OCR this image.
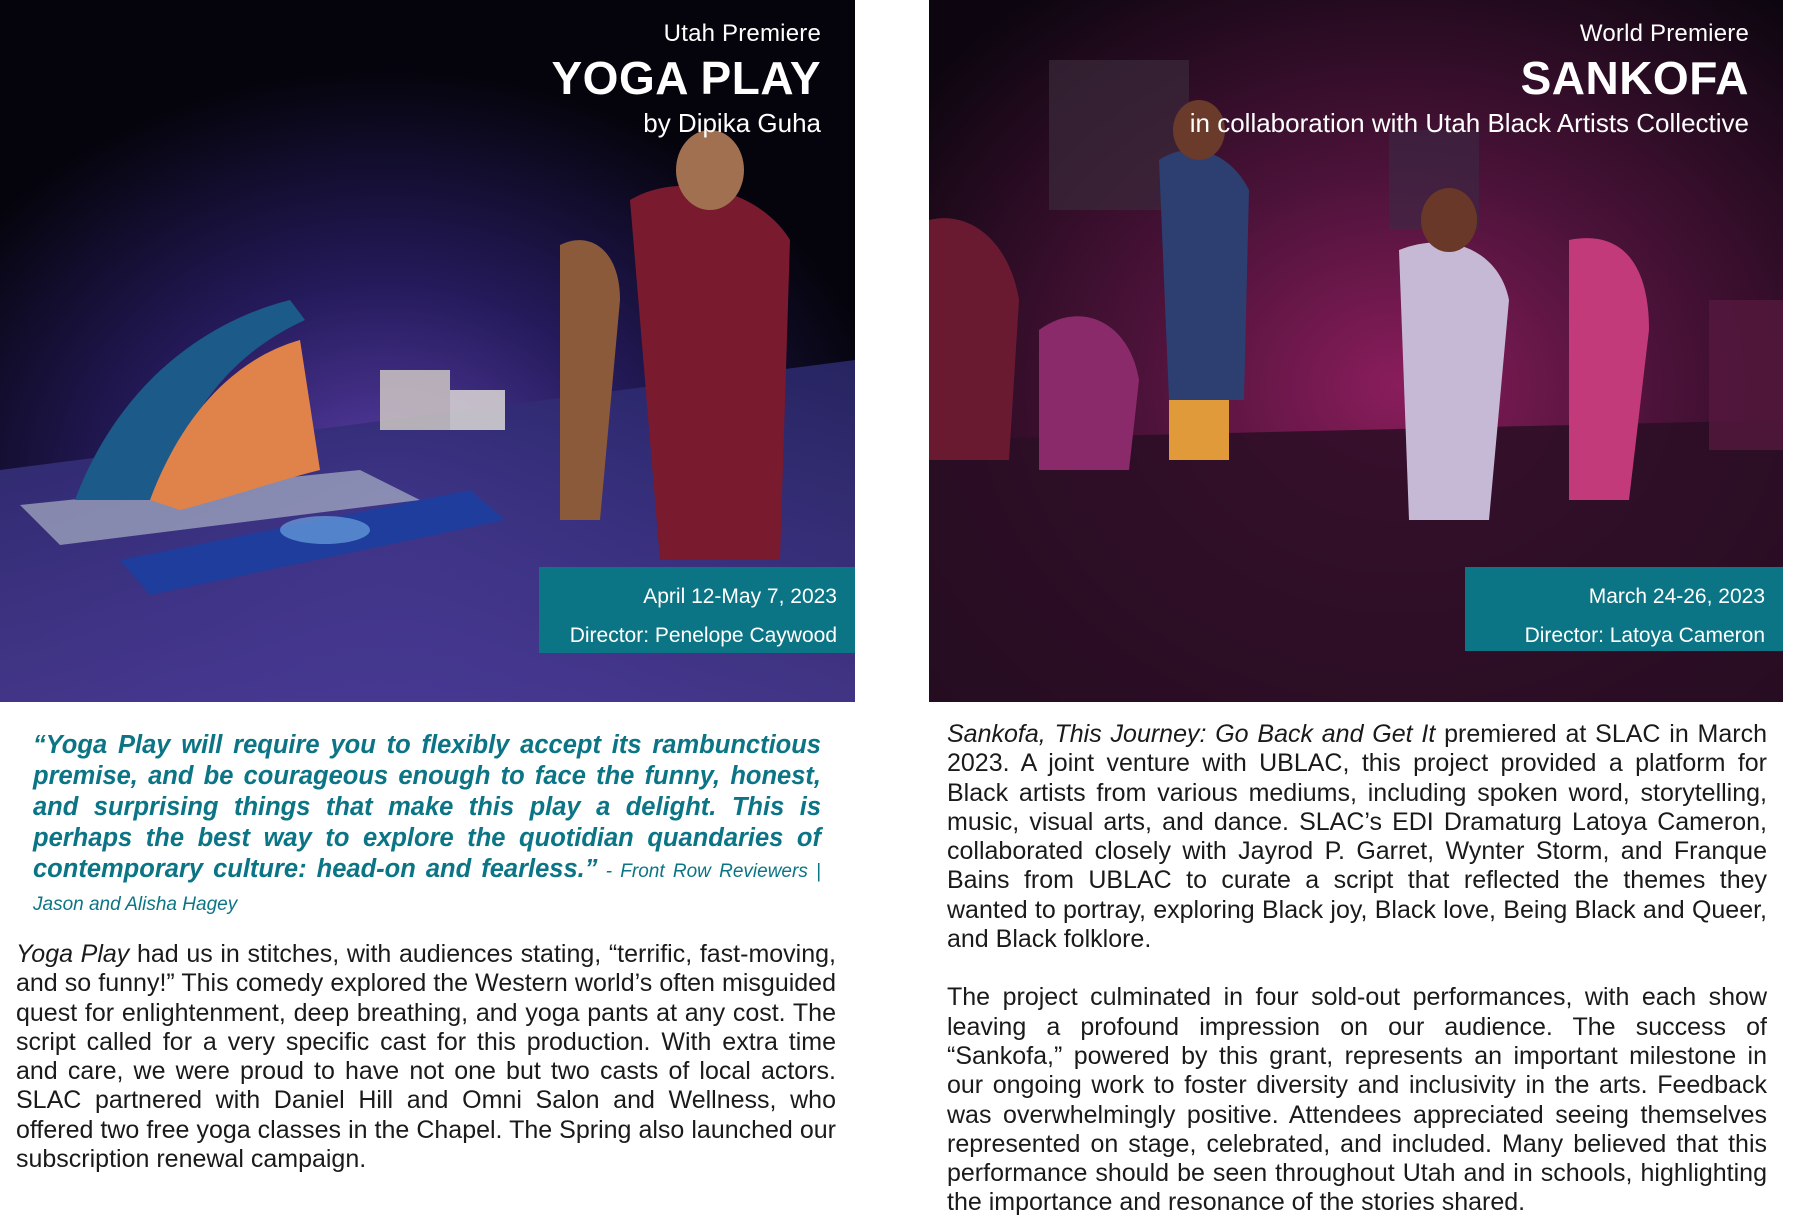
Utah Premiere
YOGA PLAY
by Dipika Guha
April 12-May 7, 2023
Director: Penelope Caywood
World Premiere
SANKOFA
in collaboration with Utah Black Artists Collective
March 24-26, 2023
Director: Latoya Cameron
“Yoga Play will require you to flexibly accept its rambunctious premise, and be courageous enough to face the funny, honest, and surprising things that make this play a delight. This is perhaps the best way to explore the quotidian quandaries of contemporary culture: head-on and fearless.” - Front Row Reviewers | Jason and Alisha Hagey
Yoga Play had us in stitches, with audiences stating, “terrific, fast-moving, and so funny!” This comedy explored the Western world’s often misguided quest for enlightenment, deep breathing, and yoga pants at any cost. The script called for a very specific cast for this production. With extra time and care, we were proud to have not one but two casts of local actors. SLAC partnered with Daniel Hill and Omni Salon and Wellness, who offered two free yoga classes in the Chapel. The Spring also launched our subscription renewal campaign.

Sankofa, This Journey: Go Back and Get It premiered at SLAC in March 2023. A joint venture with UBLAC, this project provided a platform for Black artists from various mediums, including spoken word, storytelling, music, visual arts, and dance. SLAC’s EDI Dramaturg Latoya Cameron, collaborated closely with Jayrod P. Garret, Wynter Storm, and Franque Bains from UBLAC to curate a script that reflected the themes they wanted to portray, exploring Black joy, Black love, Being Black and Queer, and Black folklore.

The project culminated in four sold-out performances, with each show leaving a profound impression on our audience. The success of “Sankofa,” powered by this grant, represents an important milestone in our ongoing work to foster diversity and inclusivity in the arts. Feedback was overwhelmingly positive. Attendees appreciated seeing themselves represented on stage, celebrated, and included. Many believed that this performance should be seen throughout Utah and in schools, highlighting the importance and resonance of the stories shared.
